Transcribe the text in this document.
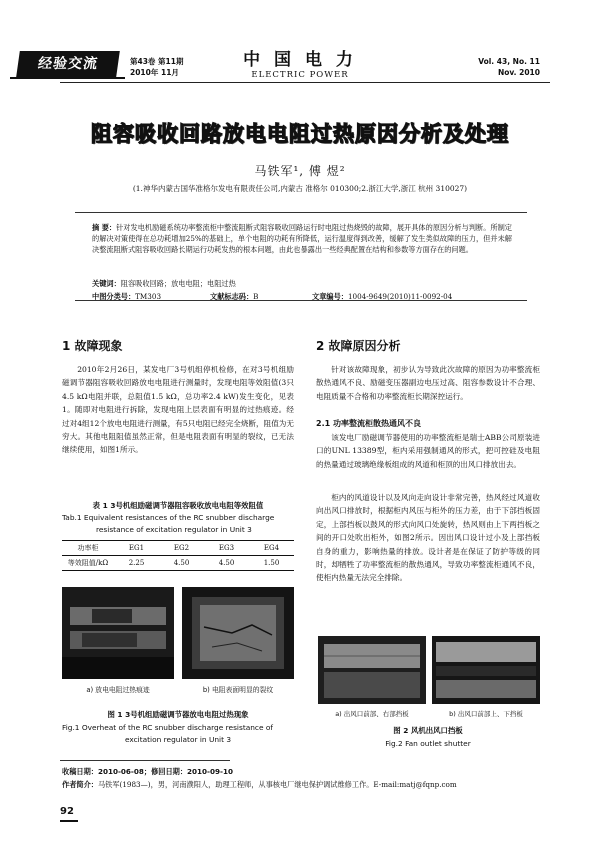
经验交流	第43卷 第11期
2010年 11月
中 国 电 力
ELECTRIC POWER
Vol. 43, No. 11
Nov. 2010
阻容吸收回路放电电阻过热原因分析及处理
马铁军¹, 傅 煜²
(1.神华内蒙古国华准格尔发电有限责任公司,内蒙古 准格尔 010300;2.浙江大学,浙江 杭州 310027)
摘 要：针对发电机励磁系统功率整流柜中整流阻断式阻容吸收回路运行时电阻过热烧毁的故障，展开具体的原因分析与判断。所制定的解决对策使得在总功耗增加25%的基础上，单个电阻的功耗有所降低，运行温度得到改善，缓解了发生类似故障的压力，但并未解决整流阻断式阻容吸收回路长期运行功耗发热的根本问题，由此也暴露出一些经典配置在结构和参数等方面存在的问题。
关键词：阻容吸收回路；放电电阻；电阻过热
中图分类号：TM303	文献标志码：B	文章编号：1004-9649(2010)11-0092-04
1 故障现象
2010年2月26日，某发电厂3号机组停机检修，在对3号机组励磁调节器阻容吸收回路放电电阻进行测量时，发现电阻等效阻值(3只4.5 kΩ电阻并联，总阻值1.5 kΩ，总功率2.4 kW)发生变化，见表1。随即对电阻进行拆除，发现电阻上层表面有明显的过热痕迹。经过对4组12个放电电阻进行测量，有5只电阻已经完全烧断，阻值为无穷大。其他电阻阻值虽然正常，但是电阻表面有明显的裂纹，已无法继续使用，如图1所示。
表 1 3号机组励磁调节器阻容吸收放电电阻等效阻值
Tab.1 Equivalent resistances of the RC snubber discharge
resistance of excitation regulator in Unit 3
功率柜	EG1	EG2	EG3	EG4
等效阻值/kΩ	2.25	4.50	4.50	1.50
a) 放电电阻过热痕迹	b) 电阻表面明显的裂纹
图 1 3号机组励磁调节器放电电阻过热现象
Fig.1 Overheat of the RC snubber discharge resistance of
excitation regulator in Unit 3
2 故障原因分析
针对该故障现象，初步认为导致此次故障的原因为功率整流柜散热通风不良、励磁变压器副边电压过高、阻容参数设计不合理、电阻质量不合格和功率整流柜长期深控运行。
2.1 功率整流柜散热通风不良
该发电厂励磁调节器使用的功率整流柜是瑞士ABB公司原装进口的UNL 13389型，柜内采用强制通风的形式，把可控硅及电阻的热量通过玻璃绝缘板组成的风道和柜顶的出风口排放出去。
柜内的风道设计以及风向走向设计非常完善，热风经过风道收向出风口排放时，根据柜内风压与柜外的压力差，由于下部挡板固定，上部挡板以鼓风的形式向风口处旋转，热风则由上下两挡板之间的开口处吹出柜外，如图2所示。因出风口设计过小及上部挡板自身的重力，影响热量的排放。设计者是在保证了防护等级的同时，却牺牲了功率整流柜的散热通风，导致功率整流柜通风不良，使柜内热量无法完全排除。
a) 出风口前部、右部挡板	b) 出风口前部上、下挡板
图 2 风机出风口挡板
Fig.2 Fan outlet shutter
收稿日期：2010-06-08；修回日期：2010-09-10
作者简介：马铁军(1983—)，男，河南濮阳人，助理工程师，从事核电厂继电保护调试维修工作。E-mail:matj@fqnp.com
92
